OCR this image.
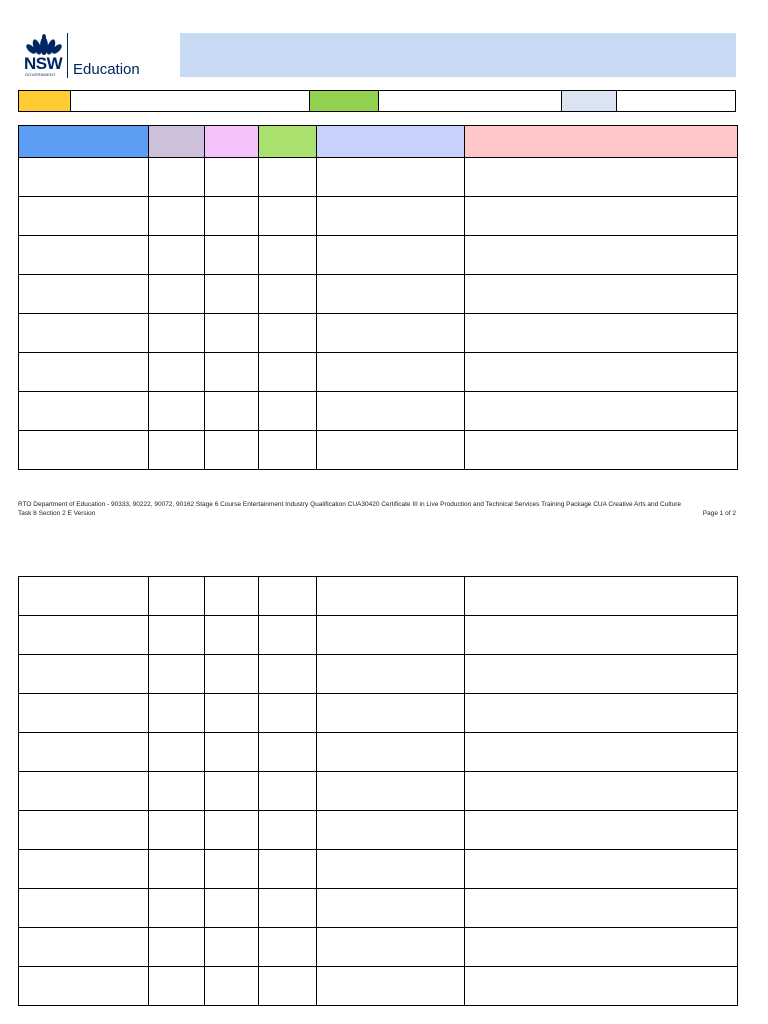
NSW
GOVERNMENT Education

RTO Department of Education - 90333, 90222, 90072, 90162 Stage 6 Course Entertainment Industry Qualification CUA30420 Certificate III in Live Production and Technical Services Training Package CUA Creative Arts and Culture
Task 8 Section 2 E Version	Page 1 of 2
